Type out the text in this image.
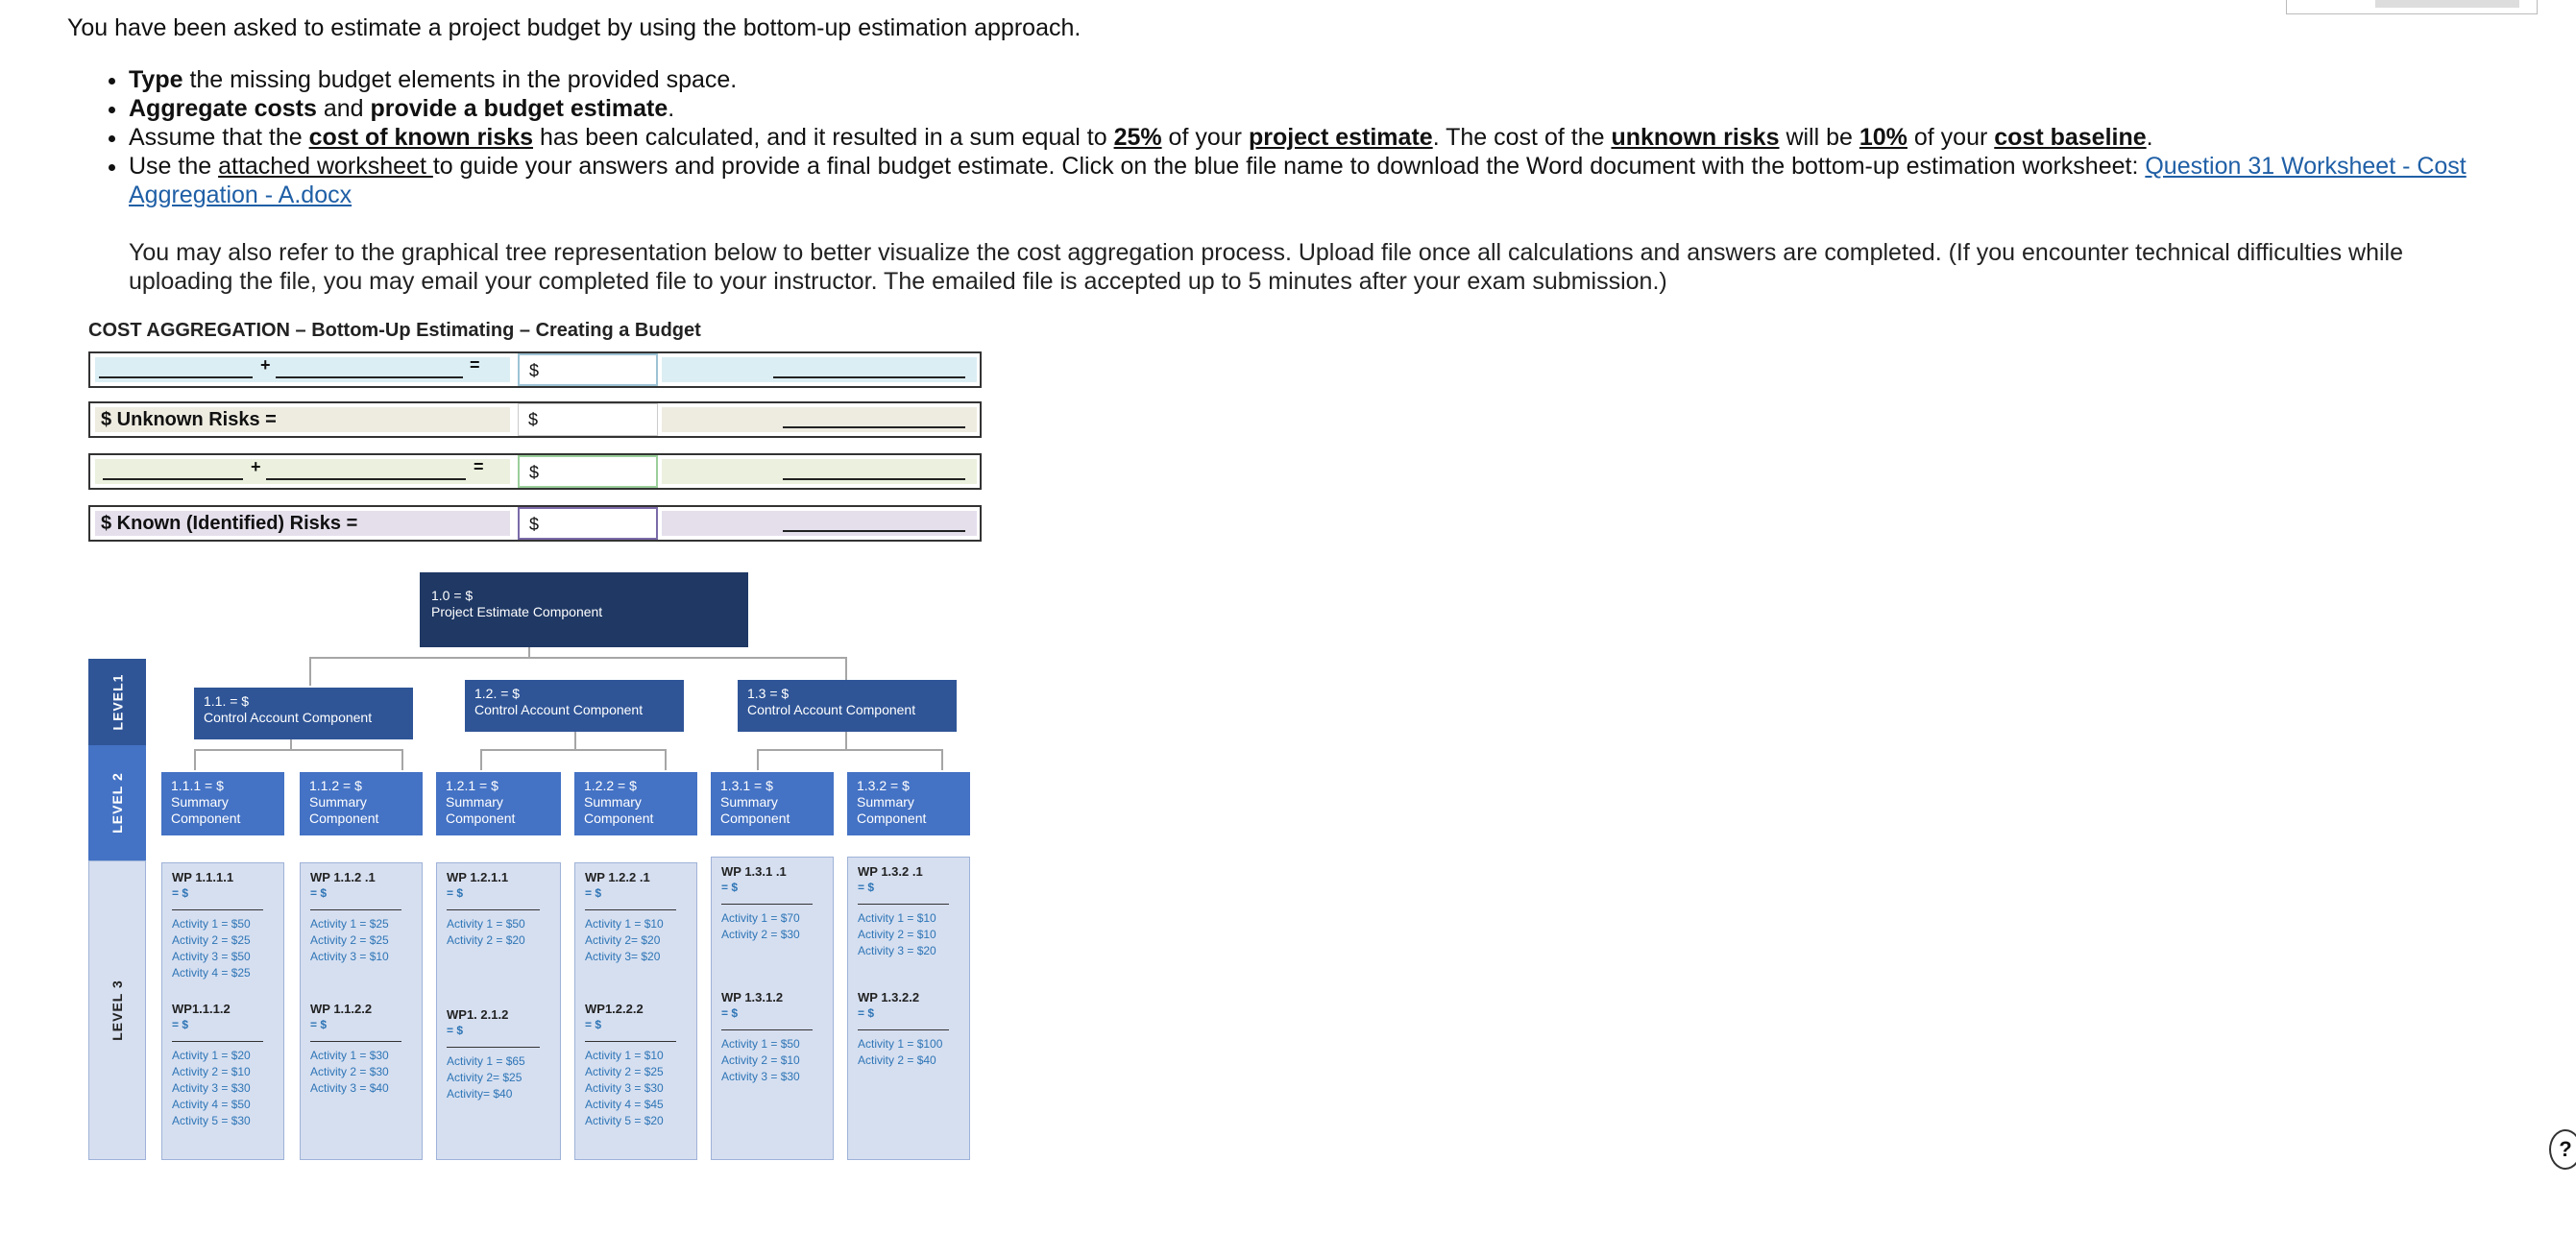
You have been asked to estimate a project budget by using the bottom-up estimation approach.
• Type the missing budget elements in the provided space.
• Aggregate costs and provide a budget estimate.
• Assume that the cost of known risks has been calculated, and it resulted in a sum equal to 25% of your project estimate. The cost of the unknown risks will be 10% of your cost baseline.
• Use the attached worksheet to guide your answers and provide a final budget estimate. Click on the blue file name to download the Word document with the bottom-up estimation worksheet: Question 31 Worksheet - Cost Aggregation - A.docx
You may also refer to the graphical tree representation below to better visualize the cost aggregation process. Upload file once all calculations and answers are completed. (If you encounter technical difficulties while uploading the file, you may email your completed file to your instructor. The emailed file is accepted up to 5 minutes after your exam submission.)
COST AGGREGATION – Bottom-Up Estimating – Creating a Budget
+	=	$
$ Unknown Risks =	$
+	=	$
$ Known (Identified) Risks =	$
LEVEL1
LEVEL 2
LEVEL 3
1.0 = $
Project Estimate Component
1.1. = $
Control Account Component
1.2. = $
Control Account Component
1.3 = $
Control Account Component
1.1.1 = $
Summary
Component
1.1.2 = $
Summary
Component
1.2.1 = $
Summary
Component
1.2.2 = $
Summary
Component
1.3.1 = $
Summary
Component
1.3.2 = $
Summary
Component
WP 1.1.1.1
= $
Activity 1 = $50
Activity 2 = $25
Activity 3 = $50
Activity 4 = $25
WP1.1.1.2
= $
Activity 1 = $20
Activity 2 = $10
Activity 3 = $30
Activity 4 = $50
Activity 5 = $30
WP 1.1.2 .1
= $
Activity 1 = $25
Activity 2 = $25
Activity 3 = $10
WP 1.1.2.2
= $
Activity 1 = $30
Activity 2 = $30
Activity 3 = $40
WP 1.2.1.1
= $
Activity 1 = $50
Activity 2 = $20
WP1. 2.1.2
= $
Activity 1 = $65
Activity 2= $25
Activity= $40
WP 1.2.2 .1
= $
Activity 1 = $10
Activity 2= $20
Activity 3= $20
WP1.2.2.2
= $
Activity 1 = $10
Activity 2 = $25
Activity 3 = $30
Activity 4 = $45
Activity 5 = $20
WP 1.3.1 .1
= $
Activity 1 = $70
Activity 2 = $30
WP 1.3.1.2
= $
Activity 1 = $50
Activity 2 = $10
Activity 3 = $30
WP 1.3.2 .1
= $
Activity 1 = $10
Activity 2 = $10
Activity 3 = $20
WP 1.3.2.2
= $
Activity 1 = $100
Activity 2 = $40
?
